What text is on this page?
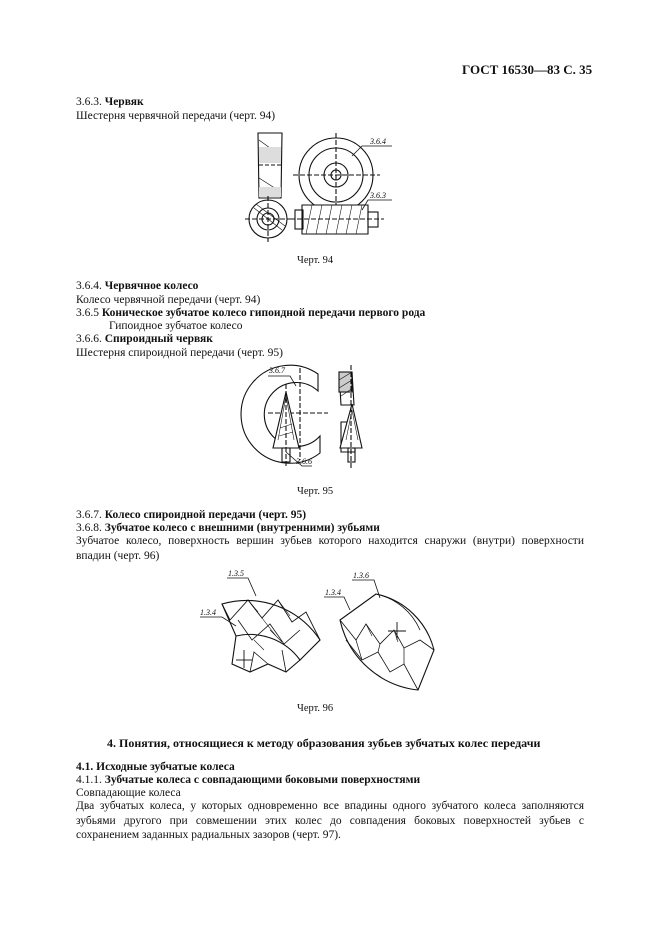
ГОСТ 16530—83 С. 35
3.6.3. Червяк
Шестерня червячной передачи (черт. 94)
3.6.4
3.6.3
Черт. 94
3.6.4. Червячное колесо
Колесо червячной передачи (черт. 94)
3.6.5 Коническое зубчатое колесо гипоидной передачи первого рода
Гипоидное зубчатое колесо
3.6.6. Спироидный червяк
Шестерня спироидной передачи (черт. 95)
3.6.7
3.6.6
Черт. 95
3.6.7. Колесо спироидной передачи (черт. 95)
3.6.8. Зубчатое колесо с внешними (внутренними) зубьями
Зубчатое колесо, поверхность вершин зубьев которого находится снаружи (внутри) поверхности впадин (черт. 96)
1.3.5
1.3.4
1.3.6
1.3.4
Черт. 96
4. Понятия, относящиеся к методу образования зубьев зубчатых колес передачи
4.1. Исходные зубчатые колеса
4.1.1. Зубчатые колеса с совпадающими боковыми поверхностями
Совпадающие колеса
Два зубчатых колеса, у которых одновременно все впадины одного зубчатого колеса заполняются зубьями другого при совмешении этих колес до совпадения боковых поверхностей зубьев с сохранением заданных радиальных зазоров (черт. 97).
